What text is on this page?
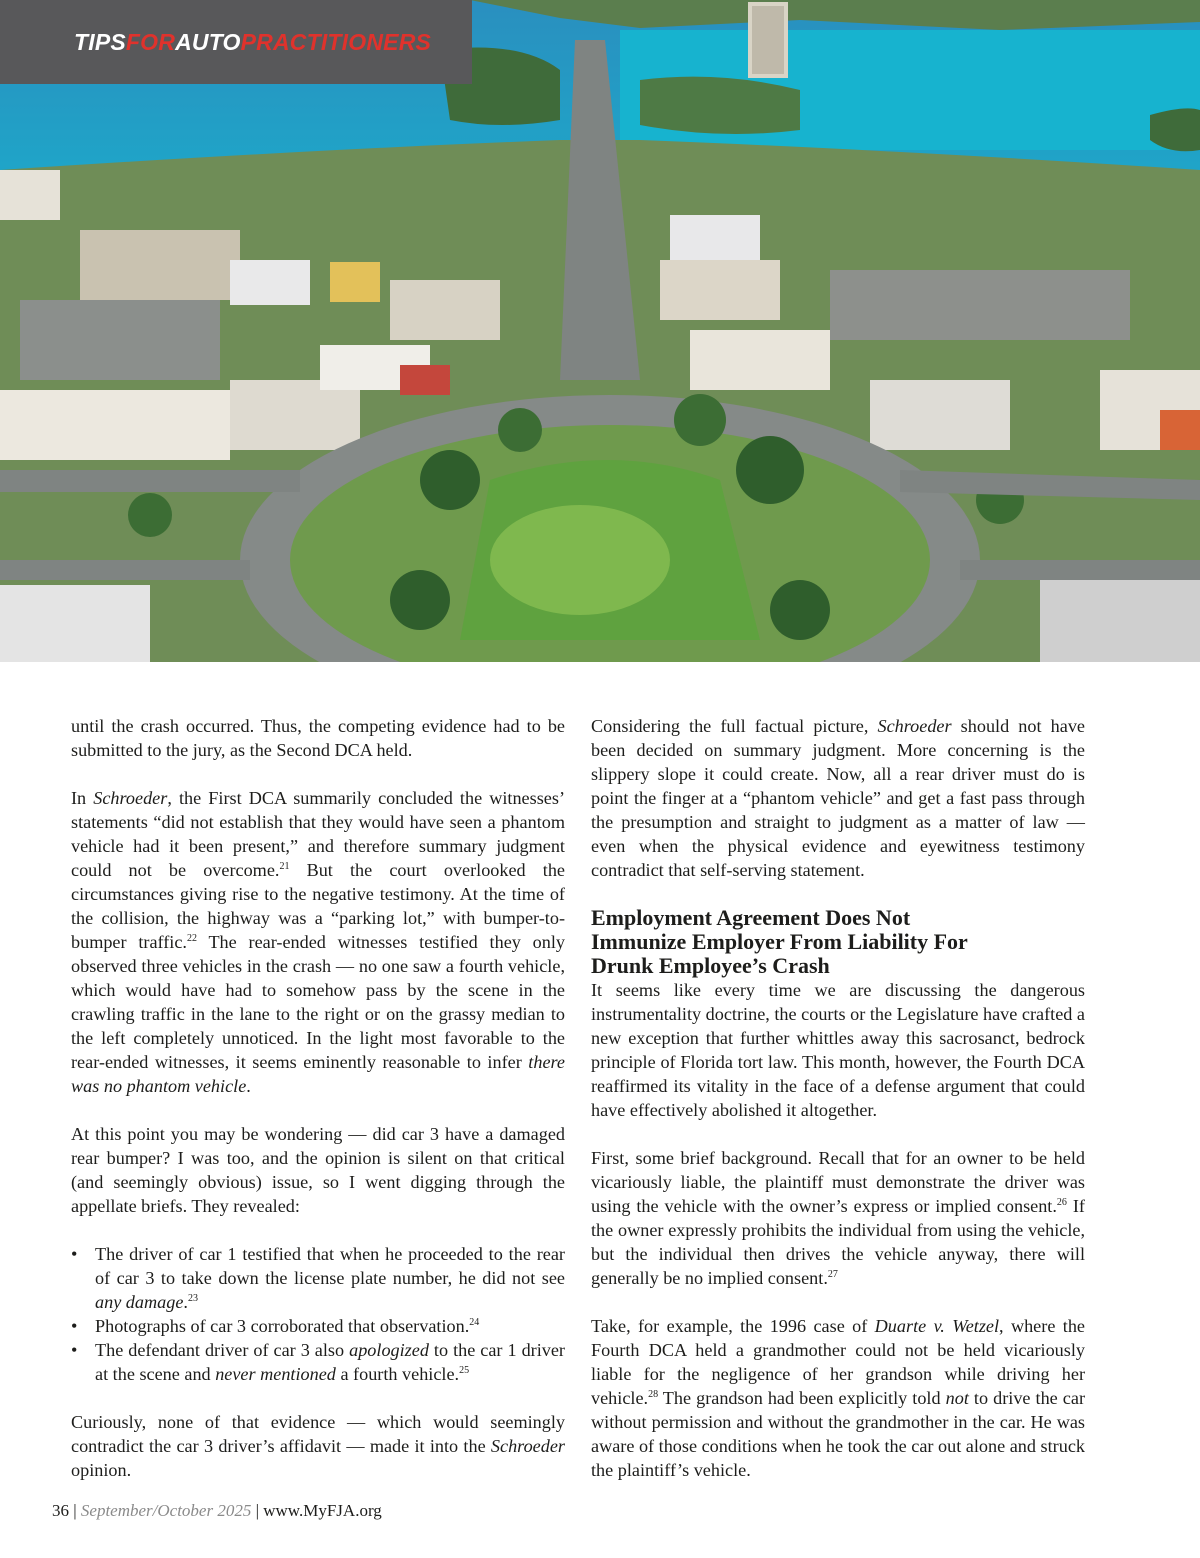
TIPS FOR AUTO PRACTITIONERS

until the crash occurred. Thus, the competing evidence had to be submitted to the jury, as the Second DCA held.

In Schroeder, the First DCA summarily concluded the witnesses’ statements “did not establish that they would have seen a phantom vehicle had it been present,” and therefore summary judgment could not be overcome.$^{21}$ But the court overlooked the circumstances giving rise to the negative testimony. At the time of the collision, the highway was a “parking lot,” with bumper-to-bumper traffic.$^{22}$ The rear-ended witnesses testified they only observed three vehicles in the crash — no one saw a fourth vehicle, which would have had to somehow pass by the scene in the crawling traffic in the lane to the right or on the grassy median to the left completely unnoticed. In the light most favorable to the rear-ended witnesses, it seems eminently reasonable to infer there was no phantom vehicle.

At this point you may be wondering — did car 3 have a damaged rear bumper? I was too, and the opinion is silent on that critical (and seemingly obvious) issue, so I went digging through the appellate briefs. They revealed:

• The driver of car 1 testified that when he proceeded to the rear of car 3 to take down the license plate number, he did not see any damage.$^{23}$
• Photographs of car 3 corroborated that observation.$^{24}$
• The defendant driver of car 3 also apologized to the car 1 driver at the scene and never mentioned a fourth vehicle.$^{25}$

Curiously, none of that evidence — which would seemingly contradict the car 3 driver’s affidavit — made it into the Schroeder opinion.

Considering the full factual picture, Schroeder should not have been decided on summary judgment. More concerning is the slippery slope it could create. Now, all a rear driver must do is point the finger at a “phantom vehicle” and get a fast pass through the presumption and straight to judgment as a matter of law — even when the physical evidence and eyewitness testimony contradict that self-serving statement.

Employment Agreement Does Not
Immunize Employer From Liability For
Drunk Employee’s Crash

It seems like every time we are discussing the dangerous instrumentality doctrine, the courts or the Legislature have crafted a new exception that further whittles away this sacrosanct, bedrock principle of Florida tort law. This month, however, the Fourth DCA reaffirmed its vitality in the face of a defense argument that could have effectively abolished it altogether.

First, some brief background. Recall that for an owner to be held vicariously liable, the plaintiff must demonstrate the driver was using the vehicle with the owner’s express or implied consent.$^{26}$ If the owner expressly prohibits the individual from using the vehicle, but the individual then drives the vehicle anyway, there will generally be no implied consent.$^{27}$

Take, for example, the 1996 case of Duarte v. Wetzel, where the Fourth DCA held a grandmother could not be held vicariously liable for the negligence of her grandson while driving her vehicle.$^{28}$ The grandson had been explicitly told not to drive the car without permission and without the grandmother in the car. He was aware of those conditions when he took the car out alone and struck the plaintiff’s vehicle.

36 | September/October 2025 | www.MyFJA.org
